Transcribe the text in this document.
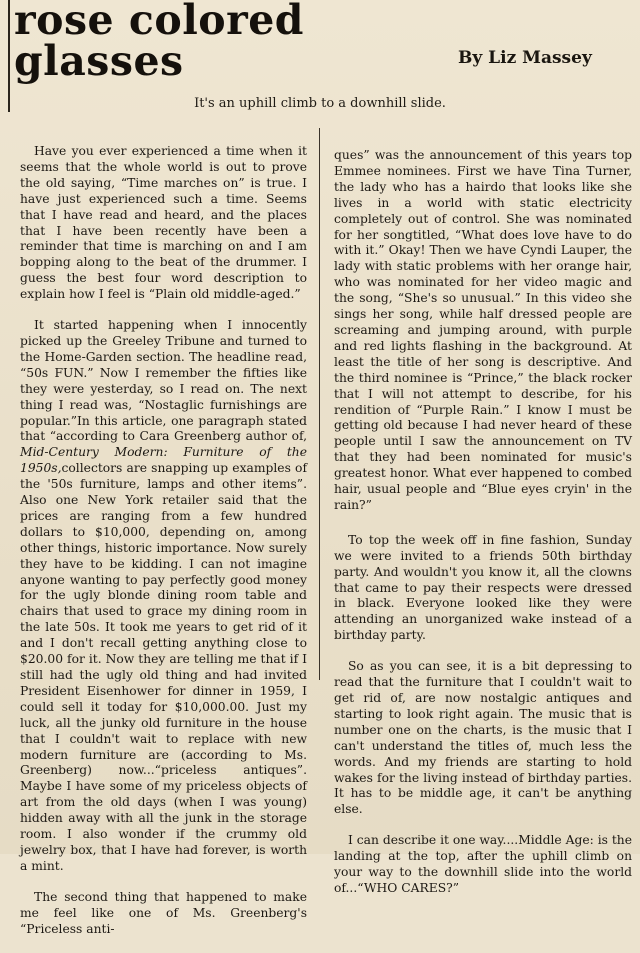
rose colored
glasses	By Liz Massey
It's an uphill climb to a downhill slide.

Have you ever experienced a time when it seems that the whole world is out to prove the old saying, “Time marches on” is true. I have just experienced such a time. Seems that I have read and heard, and the places that I have been recently have been a reminder that time is marching on and I am bopping along to the beat of the drummer. I guess the best four word description to explain how I feel is “Plain old middle-aged.”

It started happening when I innocently picked up the Greeley Tribune and turned to the Home-Garden section. The headline read, “50s FUN.” Now I remember the fifties like they were yesterday, so I read on. The next thing I read was, “Nostaglic furnishings are popular.”In this article, one paragraph stated that “according to Cara Greenberg author of, Mid-Century Modern: Furniture of the 1950s,collectors are snapping up examples of the '50s furniture, lamps and other items”. Also one New York retailer said that the prices are ranging from a few hundred dollars to $10,000, depending on, among other things, historic importance. Now surely they have to be kidding. I can not imagine anyone wanting to pay perfectly good money for the ugly blonde dining room table and chairs that used to grace my dining room in the late 50s. It took me years to get rid of it and I don't recall getting anything close to $20.00 for it. Now they are telling me that if I still had the ugly old thing and had invited President Eisenhower for dinner in 1959, I could sell it today for $10,000.00. Just my luck, all the junky old furniture in the house that I couldn't wait to replace with new modern furniture are (according to Ms. Greenberg) now...“priceless antiques”. Maybe I have some of my priceless objects of art from the old days (when I was young) hidden away with all the junk in the storage room. I also wonder if the crummy old jewelry box, that I have had forever, is worth a mint.

The second thing that happened to make me feel like one of Ms. Greenberg's “Priceless anti-

ques” was the announcement of this years top Emmee nominees. First we have Tina Turner, the lady who has a hairdo that looks like she lives in a world with static electricity completely out of control. She was nominated for her songtitled, “What does love have to do with it.” Okay! Then we have Cyndi Lauper, the lady with static problems with her orange hair, who was nominated for her video magic and the song, “She's so unusual.” In this video she sings her song, while half dressed people are screaming and jumping around, with purple and red lights flashing in the background. At least the title of her song is descriptive. And the third nominee is “Prince,” the black rocker that I will not attempt to describe, for his rendition of “Purple Rain.” I know I must be getting old because I had never heard of these people until I saw the announcement on TV that they had been nominated for music's greatest honor. What ever happened to combed hair, usual people and “Blue eyes cryin' in the rain?”

To top the week off in fine fashion, Sunday we were invited to a friends 50th birthday party. And wouldn't you know it, all the clowns that came to pay their respects were dressed in black. Everyone looked like they were attending an unorganized wake instead of a birthday party.

So as you can see, it is a bit depressing to read that the furniture that I couldn't wait to get rid of, are now nostalgic antiques and starting to look right again. The music that is number one on the charts, is the music that I can't understand the titles of, much less the words. And my friends are starting to hold wakes for the living instead of birthday parties. It has to be middle age, it can't be anything else.

I can describe it one way....Middle Age: is the landing at the top, after the uphill climb on your way to the downhill slide into the world of...“WHO CARES?”
